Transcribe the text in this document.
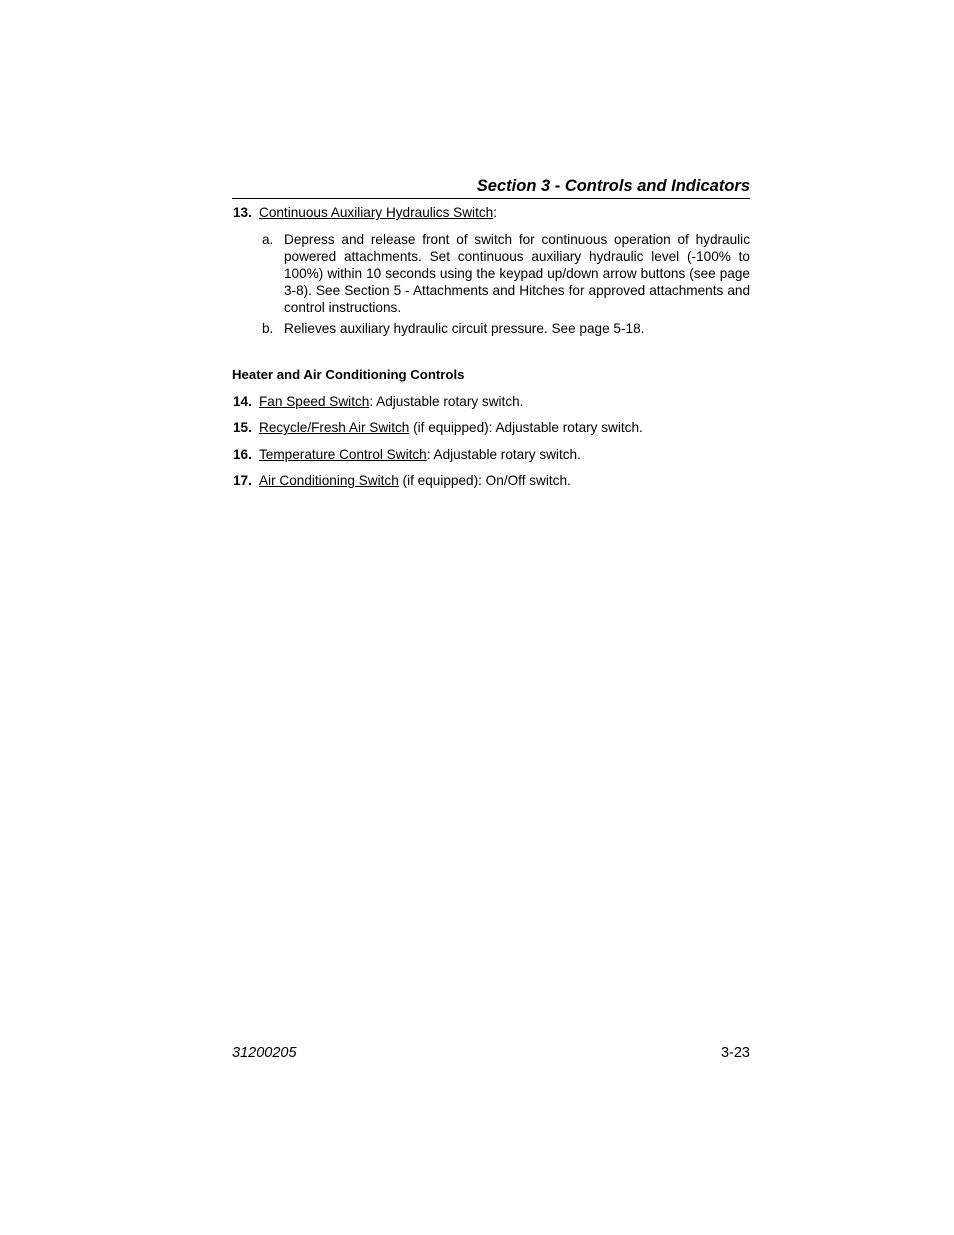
Section 3 - Controls and Indicators
13. Continuous Auxiliary Hydraulics Switch:
a. Depress and release front of switch for continuous operation of hydraulic powered attachments. Set continuous auxiliary hydraulic level (-100% to 100%) within 10 seconds using the keypad up/down arrow buttons (see page 3-8). See Section 5 - Attachments and Hitches for approved attachments and control instructions.
b. Relieves auxiliary hydraulic circuit pressure. See page 5-18.
Heater and Air Conditioning Controls
14. Fan Speed Switch: Adjustable rotary switch.
15. Recycle/Fresh Air Switch (if equipped): Adjustable rotary switch.
16. Temperature Control Switch: Adjustable rotary switch.
17. Air Conditioning Switch (if equipped): On/Off switch.
31200205	3-23
